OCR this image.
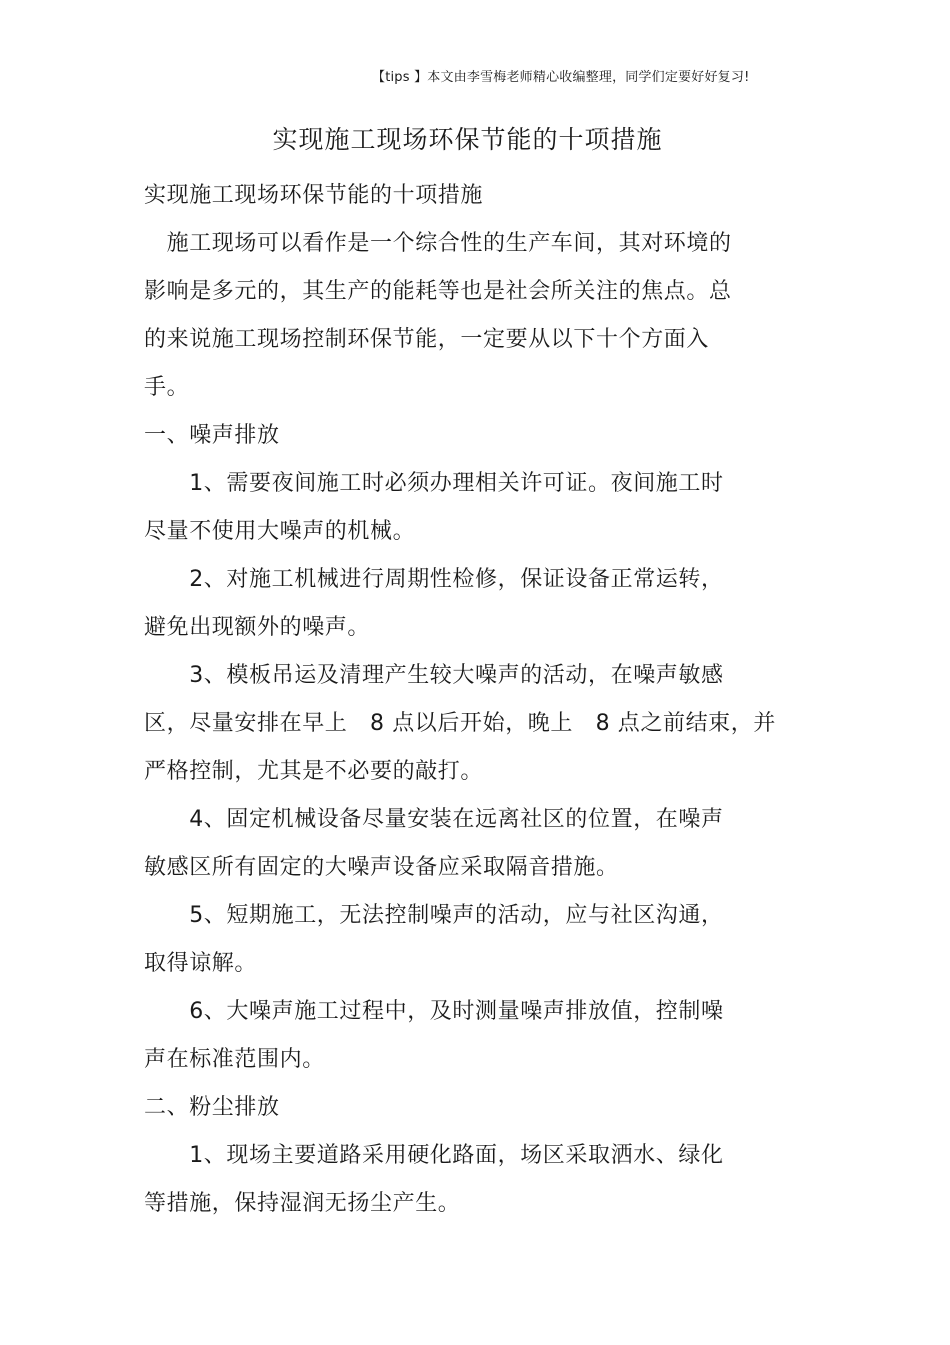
【tips 】本文由李雪梅老师精心收编整理，同学们定要好好复习!
实现施工现场环保节能的十项措施
实现施工现场环保节能的十项措施
　施工现场可以看作是一个综合性的生产车间，其对环境的
影响是多元的，其生产的能耗等也是社会所关注的焦点。总
的来说施工现场控制环保节能，一定要从以下十个方面入
手。
一、噪声排放
　　1、需要夜间施工时必须办理相关许可证。夜间施工时
尽量不使用大噪声的机械。
　　2、对施工机械进行周期性检修，保证设备正常运转，
避免出现额外的噪声。
　　3、模板吊运及清理产生较大噪声的活动，在噪声敏感
区，尽量安排在早上　8 点以后开始，晚上　8 点之前结束，并
严格控制，尤其是不必要的敲打。
　　4、固定机械设备尽量安装在远离社区的位置，在噪声
敏感区所有固定的大噪声设备应采取隔音措施。
　　5、短期施工，无法控制噪声的活动，应与社区沟通，
取得谅解。
　　6、大噪声施工过程中，及时测量噪声排放值，控制噪
声在标准范围内。
二、粉尘排放
　　1、现场主要道路采用硬化路面，场区采取洒水、绿化
等措施，保持湿润无扬尘产生。
